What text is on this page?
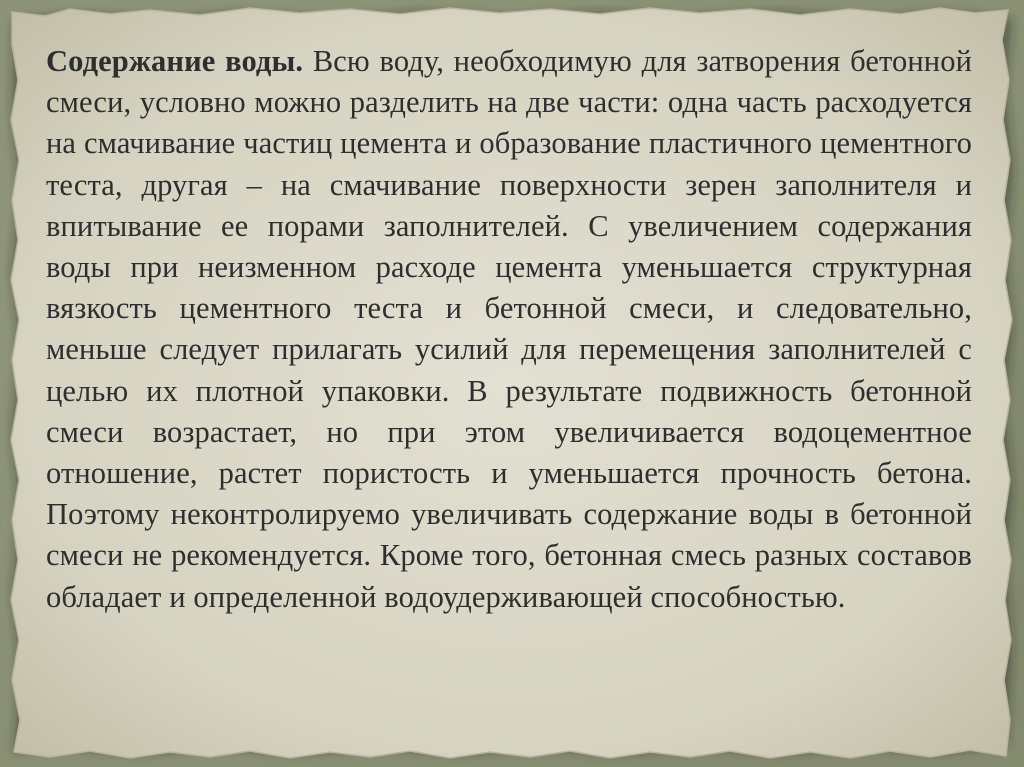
Содержание воды. Всю воду, необходимую для затворения бетонной смеси, условно можно разделить на две части: одна часть расходуется на смачивание частиц цемента и образование пластичного цементного теста, другая – на смачивание поверхности зерен заполнителя и впитывание ее порами заполнителей. С увеличением содержания воды при неизменном расходе цемента уменьшается структурная вязкость цементного теста и бетонной смеси, и следовательно, меньше следует прилагать усилий для перемещения заполнителей с целью их плотной упаковки. В результате подвижность бетонной смеси возрастает, но при этом увеличивается водоцементное отношение, растет пористость и уменьшается прочность бетона. Поэтому неконтролируемо увеличивать содержание воды в бетонной смеси не рекомендуется. Кроме того, бетонная смесь разных составов обладает и определенной водоудерживающей способностью.
